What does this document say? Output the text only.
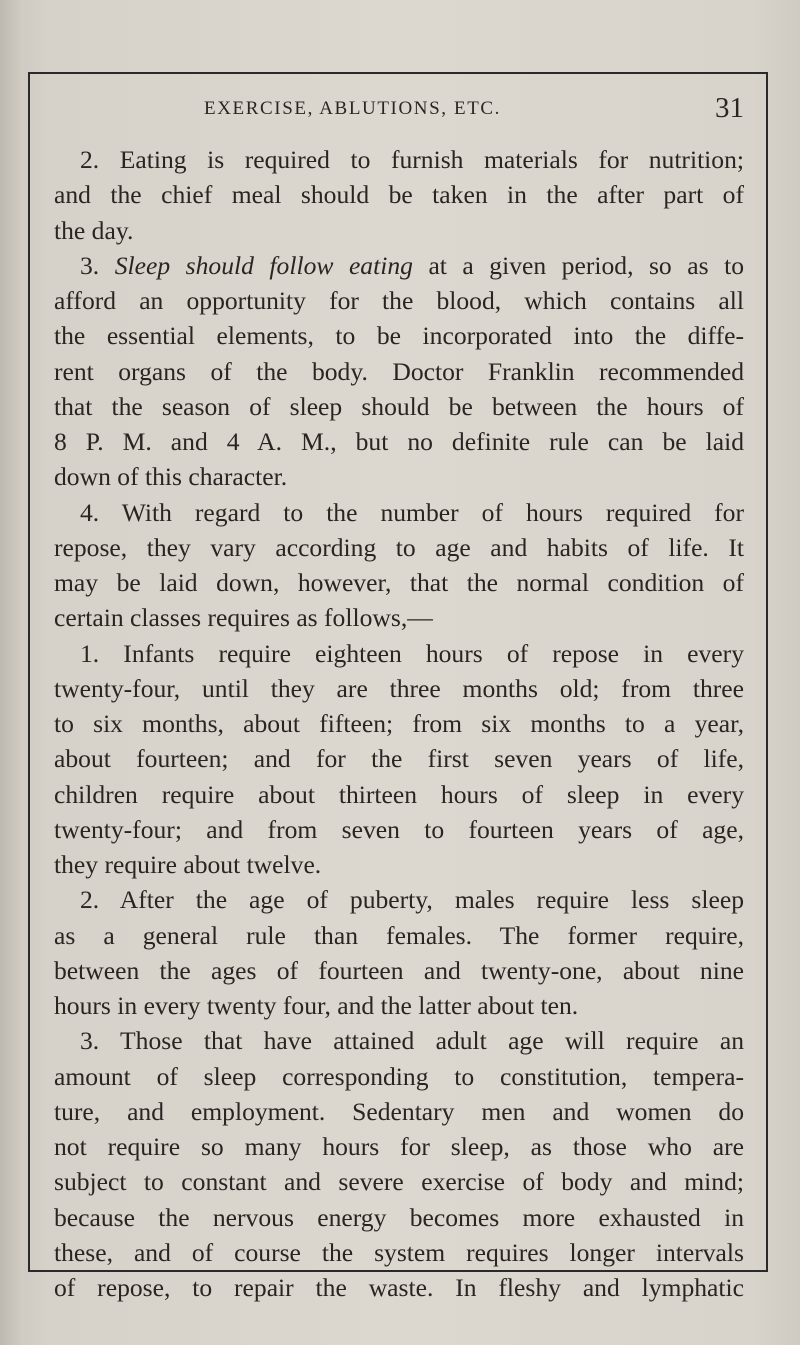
EXERCISE, ABLUTIONS, ETC.	31
2. Eating is required to furnish materials for nutrition;
and the chief meal should be taken in the after part of
the day.
3. Sleep should follow eating at a given period, so as to
afford an opportunity for the blood, which contains all
the essential elements, to be incorporated into the diffe-
rent organs of the body. Doctor Franklin recommended
that the season of sleep should be between the hours of
8 P. M. and 4 A. M., but no definite rule can be laid
down of this character.
4. With regard to the number of hours required for
repose, they vary according to age and habits of life. It
may be laid down, however, that the normal condition of
certain classes requires as follows,—
1. Infants require eighteen hours of repose in every
twenty-four, until they are three months old; from three
to six months, about fifteen; from six months to a year,
about fourteen; and for the first seven years of life,
children require about thirteen hours of sleep in every
twenty-four; and from seven to fourteen years of age,
they require about twelve.
2. After the age of puberty, males require less sleep
as a general rule than females. The former require,
between the ages of fourteen and twenty-one, about nine
hours in every twenty four, and the latter about ten.
3. Those that have attained adult age will require an
amount of sleep corresponding to constitution, tempera-
ture, and employment. Sedentary men and women do
not require so many hours for sleep, as those who are
subject to constant and severe exercise of body and mind;
because the nervous energy becomes more exhausted in
these, and of course the system requires longer intervals
of repose, to repair the waste. In fleshy and lymphatic
